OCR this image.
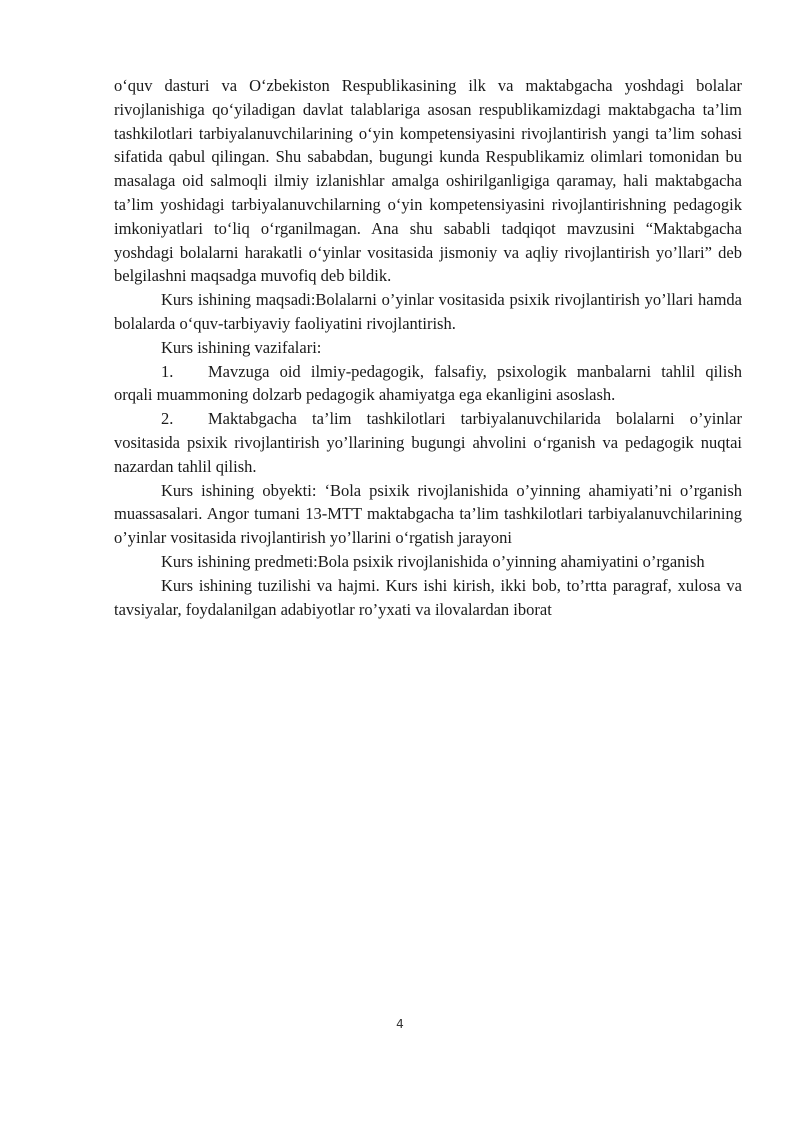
o‘quv dasturi va O‘zbekiston Respublikasining ilk va maktabgacha yoshdagi bolalar rivojlanishiga qo‘yiladigan davlat talablariga asosan respublikamizdagi maktabgacha ta’lim tashkilotlari tarbiyalanuvchilarining o‘yin kompetensiyasini rivojlantirish yangi ta’lim sohasi sifatida qabul qilingan. Shu sababdan, bugungi kunda Respublikamiz olimlari tomonidan bu masalaga oid salmoqli ilmiy izlanishlar amalga oshirilganligiga qaramay, hali maktabgacha ta’lim yoshidagi tarbiyalanuvchilarning o‘yin kompetensiyasini rivojlantirishning pedagogik imkoniyatlari to‘liq o‘rganilmagan. Ana shu sababli tadqiqot mavzusini “Maktabgacha yoshdagi bolalarni harakatli o‘yinlar vositasida jismoniy va aqliy rivojlantirish yo’llari” deb belgilashni maqsadga muvofiq deb bildik.

Kurs ishining maqsadi:Bolalarni o’yinlar vositasida psixik rivojlantirish yo’llari hamda bolalarda o‘quv-tarbiyaviy faoliyatini rivojlantirish.

Kurs ishining vazifalari:

1. Mavzuga oid ilmiy-pedagogik, falsafiy, psixologik manbalarni tahlil qilish orqali muammoning dolzarb pedagogik ahamiyatga ega ekanligini asoslash.

2. Maktabgacha ta’lim tashkilotlari tarbiyalanuvchilarida bolalarni o’yinlar vositasida psixik rivojlantirish yo’llarining bugungi ahvolini o‘rganish va pedagogik nuqtai nazardan tahlil qilish.

Kurs ishining obyekti: ‘Bola psixik rivojlanishida o’yinning ahamiyati’ni o’rganish muassasalari. Angor tumani 13-MTT maktabgacha ta’lim tashkilotlari tarbiyalanuvchilarining o’yinlar vositasida rivojlantirish yo’llarini o‘rgatish jarayoni

Kurs ishining predmeti:Bola psixik rivojlanishida o’yinning ahamiyatini o’rganish

Kurs ishining tuzilishi va hajmi. Kurs ishi kirish, ikki bob, to’rtta paragraf, xulosa va tavsiyalar, foydalanilgan adabiyotlar ro’yxati va ilovalardan iborat

4
